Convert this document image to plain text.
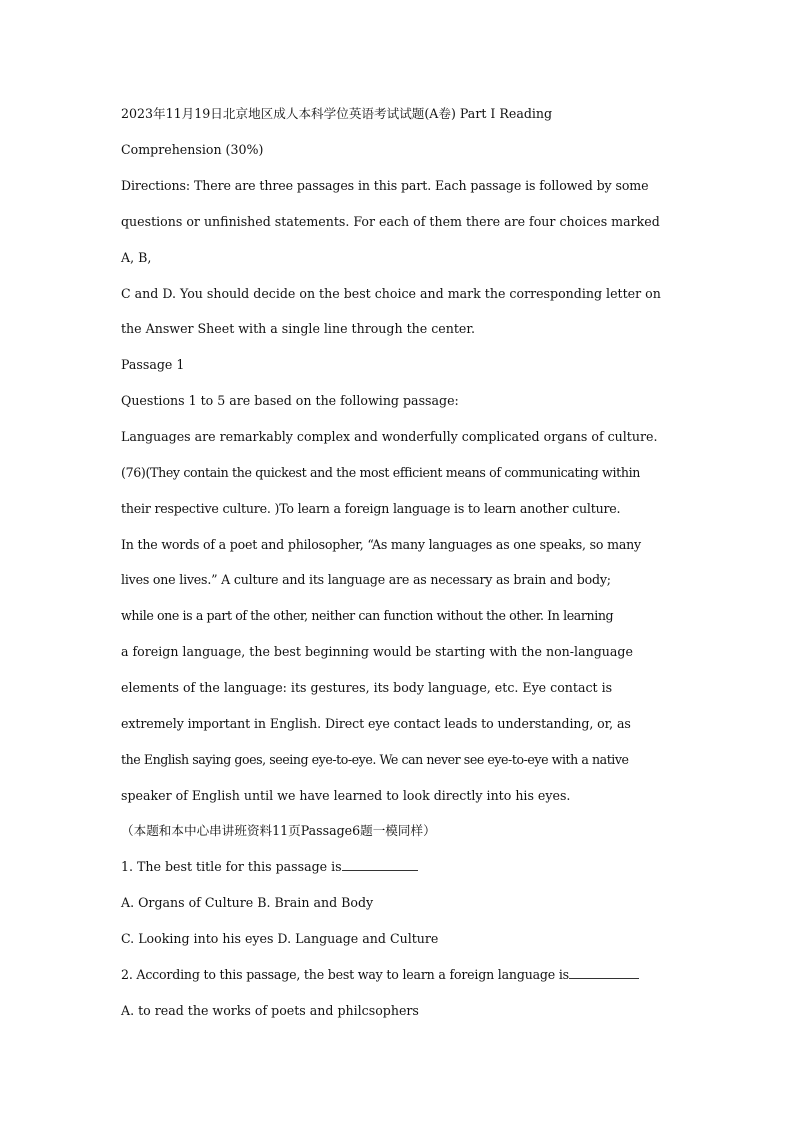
2023年11月19日北京地区成人本科学位英语考试试题(A卷) Part I Reading
Comprehension (30%)
Directions: There are three passages in this part. Each passage is followed by some
questions or unfinished statements. For each of them there are four choices marked
A, B,
C and D. You should decide on the best choice and mark the corresponding letter on
the Answer Sheet with a single line through the center.
Passage 1
Questions 1 to 5 are based on the following passage:
Languages are remarkably complex and wonderfully complicated organs of culture.
(76)(They contain the quickest and the most efficient means of communicating within
their respective culture. )To learn a foreign language is to learn another culture.
In the words of a poet and philosopher, “As many languages as one speaks, so many
lives one lives.” A culture and its language are as necessary as brain and body;
while one is a part of the other, neither can function without the other. In learning
a foreign language, the best beginning would be starting with the non-language
elements of the language: its gestures, its body language, etc. Eye contact is
extremely important in English. Direct eye contact leads to understanding, or, as
the English saying goes, seeing eye-to-eye. We can never see eye-to-eye with a native
speaker of English until we have learned to look directly into his eyes.
（本题和本中心串讲班资料11页Passage6题一模同样）
1. The best title for this passage is
A. Organs of Culture B. Brain and Body
C. Looking into his eyes D. Language and Culture
2. According to this passage, the best way to learn a foreign language is
A. to read the works of poets and philcsophers
